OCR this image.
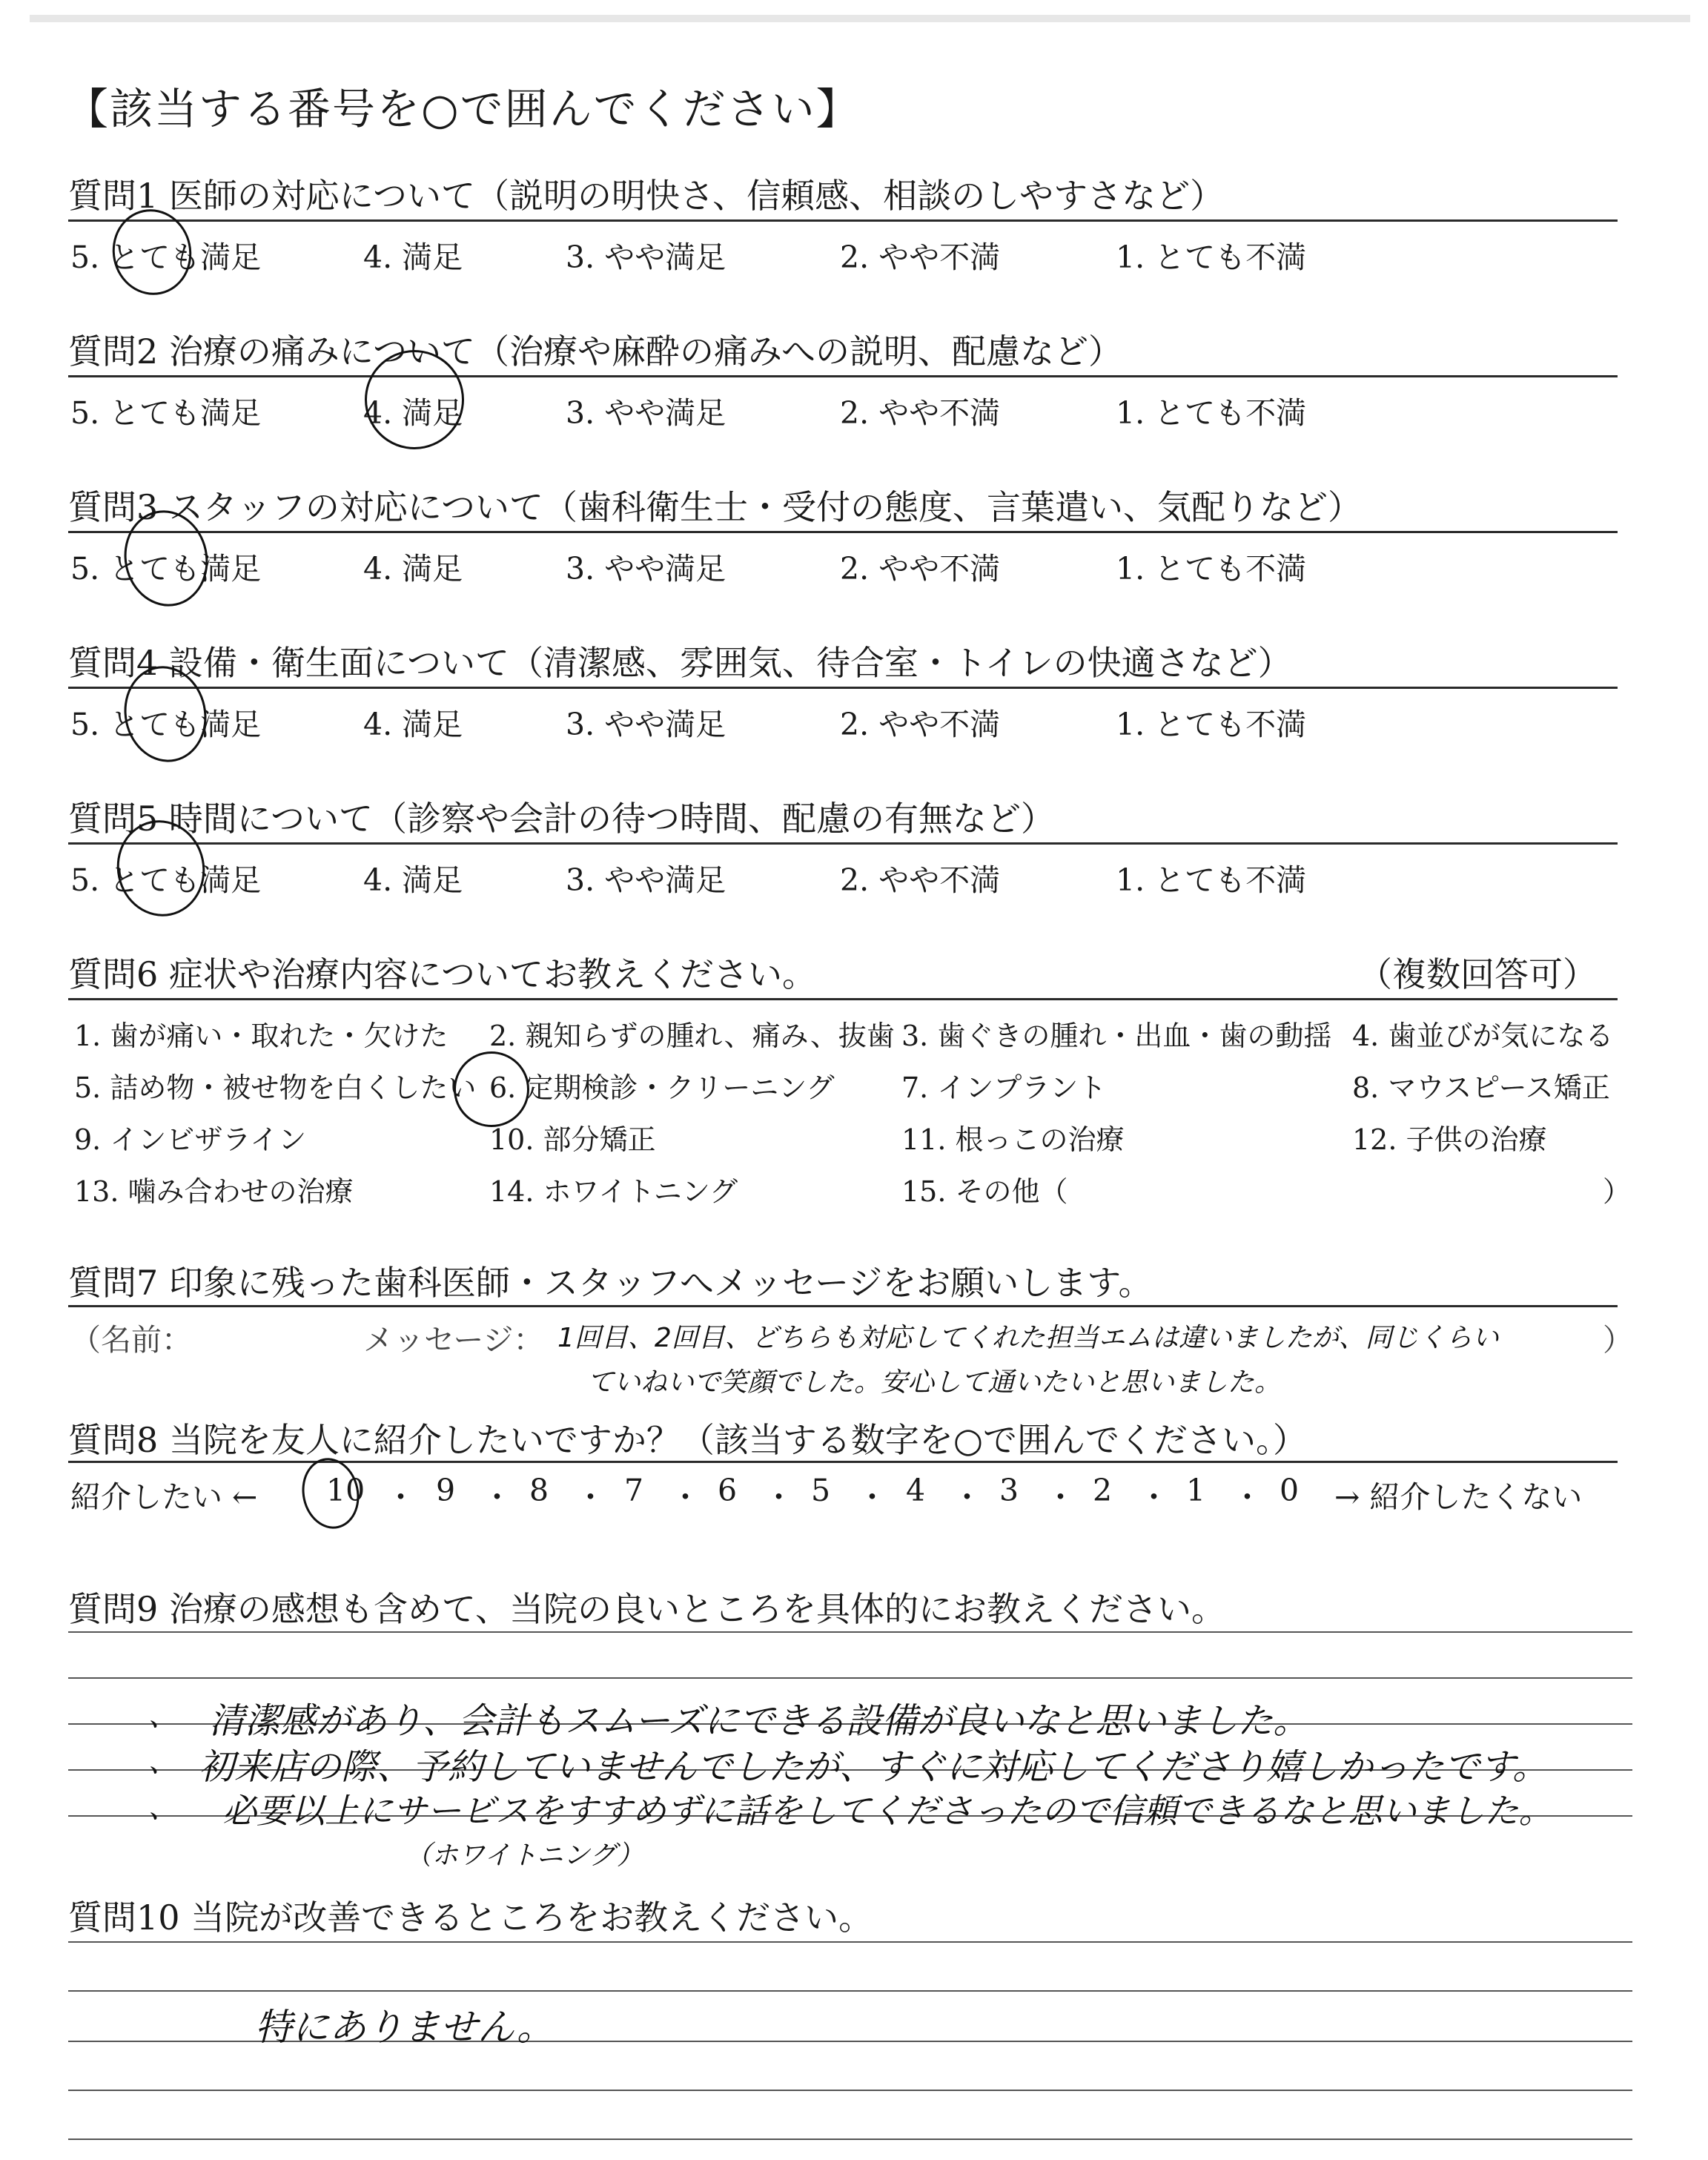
【該当する番号を○で囲んでください】
質問1 医師の対応について（説明の明快さ、信頼感、相談のしやすさなど）
5. とても満足	4. 満足	3. やや満足	2. やや不満	1. とても不満
質問2 治療の痛みについて（治療や麻酔の痛みへの説明、配慮など）
5. とても満足	4. 満足	3. やや満足	2. やや不満	1. とても不満
質問3 スタッフの対応について（歯科衛生士・受付の態度、言葉遣い、気配りなど）
5. とても満足	4. 満足	3. やや満足	2. やや不満	1. とても不満
質問4 設備・衛生面について（清潔感、雰囲気、待合室・トイレの快適さなど）
5. とても満足	4. 満足	3. やや満足	2. やや不満	1. とても不満
質問5 時間について（診察や会計の待つ時間、配慮の有無など）
5. とても満足	4. 満足	3. やや満足	2. やや不満	1. とても不満
質問6 症状や治療内容についてお教えください。	（複数回答可）
1. 歯が痛い・取れた・欠けた 2. 親知らずの腫れ、痛み、抜歯 3. 歯ぐきの腫れ・出血・歯の動揺 4. 歯並びが気になる
5. 詰め物・被せ物を白くしたい 6. 定期検診・クリーニング 7. インプラント	8. マウスピース矯正
9. インビザライン	10. 部分矯正	11. 根っこの治療	12. 子供の治療
13. 噛み合わせの治療	14. ホワイトニング	15. その他（	）
質問7 印象に残った歯科医師・スタッフへメッセージをお願いします。
（名前：	メッセージ：	）
1回目、2回目、どちらも対応してくれた担当エムは違いましたが、同じくらい
ていねいで笑顔でした。安心して通いたいと思いました。
質問8 当院を友人に紹介したいですか？（該当する数字を○で囲んでください。）
紹介したい ← 10 ・ 9 ・ 8 ・ 7 ・ 6 ・ 5 ・ 4 ・ 3 ・ 2 ・ 1 ・ 0 → 紹介したくない
質問9 治療の感想も含めて、当院の良いところを具体的にお教えください。
、 清潔感があり、会計もスムーズにできる設備が良いなと思いました。
、 初来店の際、予約していませんでしたが、すぐに対応してくださり嬉しかったです。
、 必要以上にサービスをすすめずに話をしてくださったので信頼できるなと思いました。
（ホワイトニング）
質問10 当院が改善できるところをお教えください。
特にありません。
